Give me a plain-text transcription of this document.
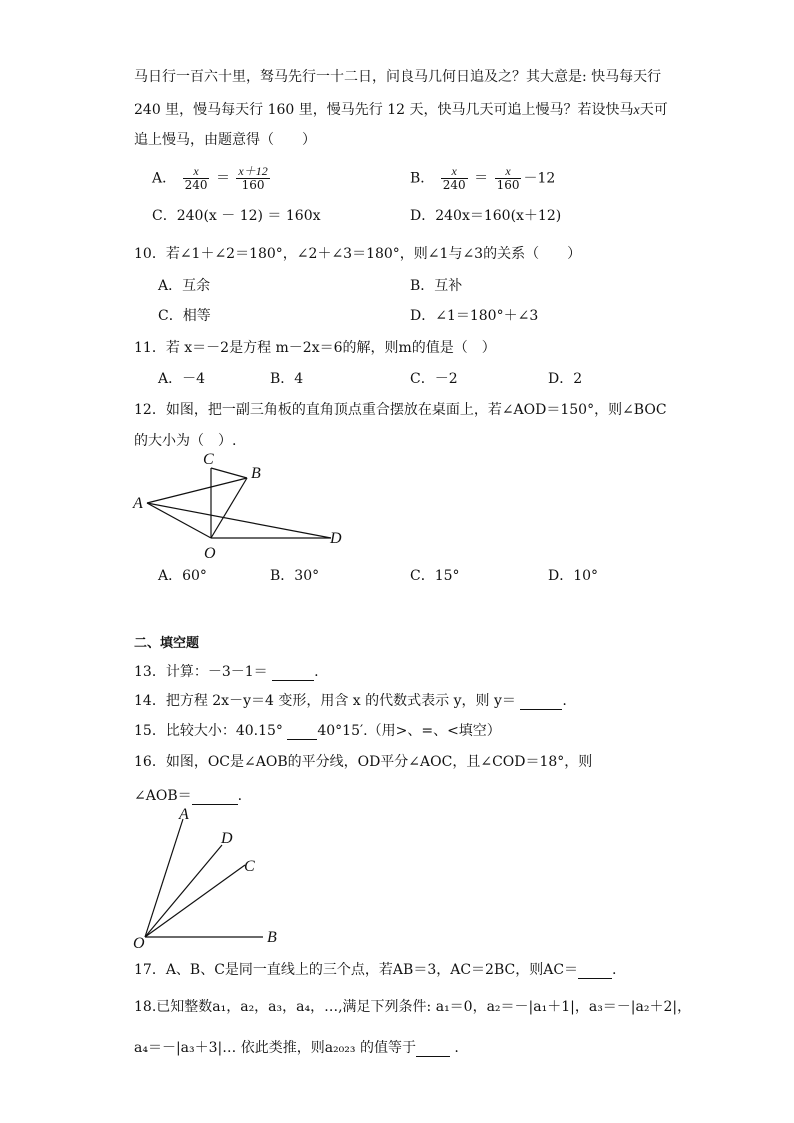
马日行一百六十里，驽马先行一十二日，问良马几何日追及之？其大意是: 快马每天行
240 里，慢马每天行 160 里，慢马先行 12 天，快马几天可追上慢马？若设快马x天可
追上慢马，由题意得（　　）
A． $\frac{x}{240} = \frac{x+12}{160}$	B． $\frac{x}{240} = \frac{x}{160} -12$
C．240(x － 12) ＝ 160x	D．240x＝160(x＋12)
10．若∠1＋∠2＝180°，∠2＋∠3＝180°，则∠1与∠3的关系（　　）
A．互余	B．互补
C．相等	D．∠1＝180°＋∠3
11．若 x＝－2是方程 m－2x＝6的解，则m的值是（　）
A．－4	B．4	C．－2	D．2
12．如图，把一副三角板的直角顶点重合摆放在桌面上，若∠AOD＝150°，则∠BOC
的大小为（　）.
C
B
A
O
D
A．60°	B．30°	C．15°	D．10°
二、填空题
13．计算：－3－1＝	.
14．把方程 2x－y＝4 变形，用含 x 的代数式表示 y，则 y＝	.
15．比较大小：40.15° 40°15′.（用>、=、<填空）
16．如图，OC是∠AOB的平分线，OD平分∠AOC，且∠COD＝18°，则
∠AOB＝	.
A
D
C
O	B
17．A、B、C是同一直线上的三个点，若AB＝3，AC＝2BC，则AC＝ .
18.已知整数a₁，a₂，a₃，a₄，…,满足下列条件: a₁＝0，a₂＝－|a₁＋1|，a₃＝－|a₂＋2|，
a₄＝－|a₃＋3|… 依此类推，则a₂₀₂₃ 的值等于	.
